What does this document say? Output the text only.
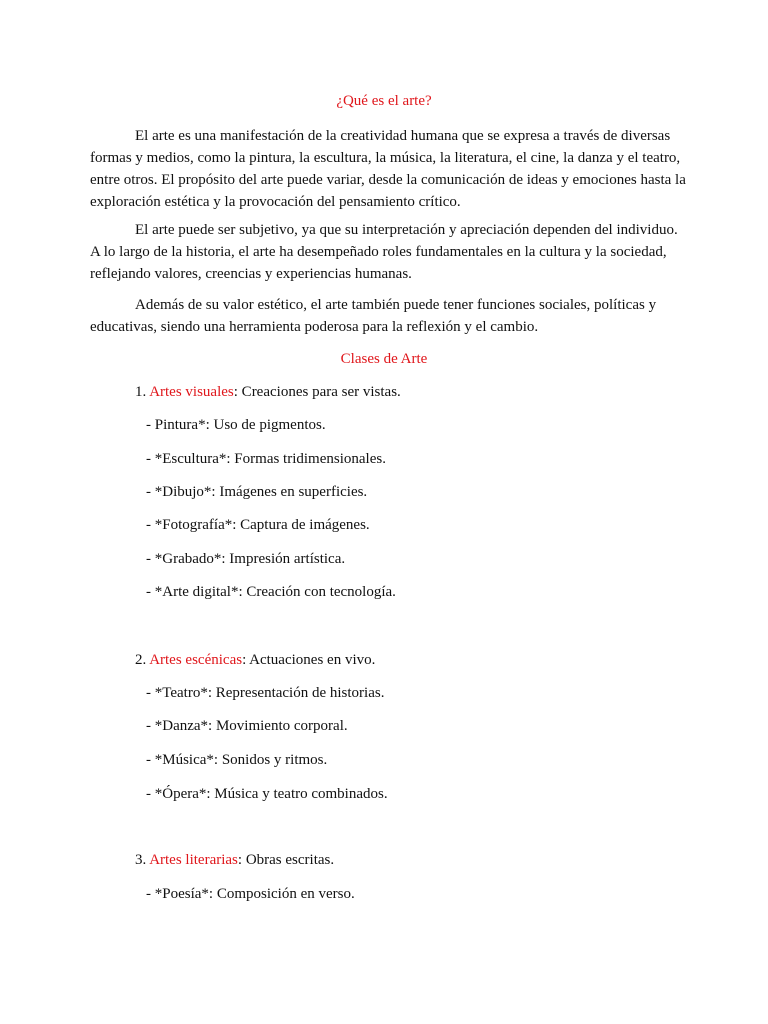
¿Qué es el arte?

El arte es una manifestación de la creatividad humana que se expresa a través de diversas formas y medios, como la pintura, la escultura, la música, la literatura, el cine, la danza y el teatro, entre otros. El propósito del arte puede variar, desde la comunicación de ideas y emociones hasta la exploración estética y la provocación del pensamiento crítico.

El arte puede ser subjetivo, ya que su interpretación y apreciación dependen del individuo. A lo largo de la historia, el arte ha desempeñado roles fundamentales en la cultura y la sociedad, reflejando valores, creencias y experiencias humanas.

Además de su valor estético, el arte también puede tener funciones sociales, políticas y educativas, siendo una herramienta poderosa para la reflexión y el cambio.

Clases de Arte
1. Artes visuales: Creaciones para ser vistas.
- Pintura*: Uso de pigmentos.
- *Escultura*: Formas tridimensionales.
- *Dibujo*: Imágenes en superficies.
- *Fotografía*: Captura de imágenes.
- *Grabado*: Impresión artística.
- *Arte digital*: Creación con tecnología.
2. Artes escénicas: Actuaciones en vivo.
- *Teatro*: Representación de historias.
- *Danza*: Movimiento corporal.
- *Música*: Sonidos y ritmos.
- *Ópera*: Música y teatro combinados.
3. Artes literarias: Obras escritas.
- *Poesía*: Composición en verso.
